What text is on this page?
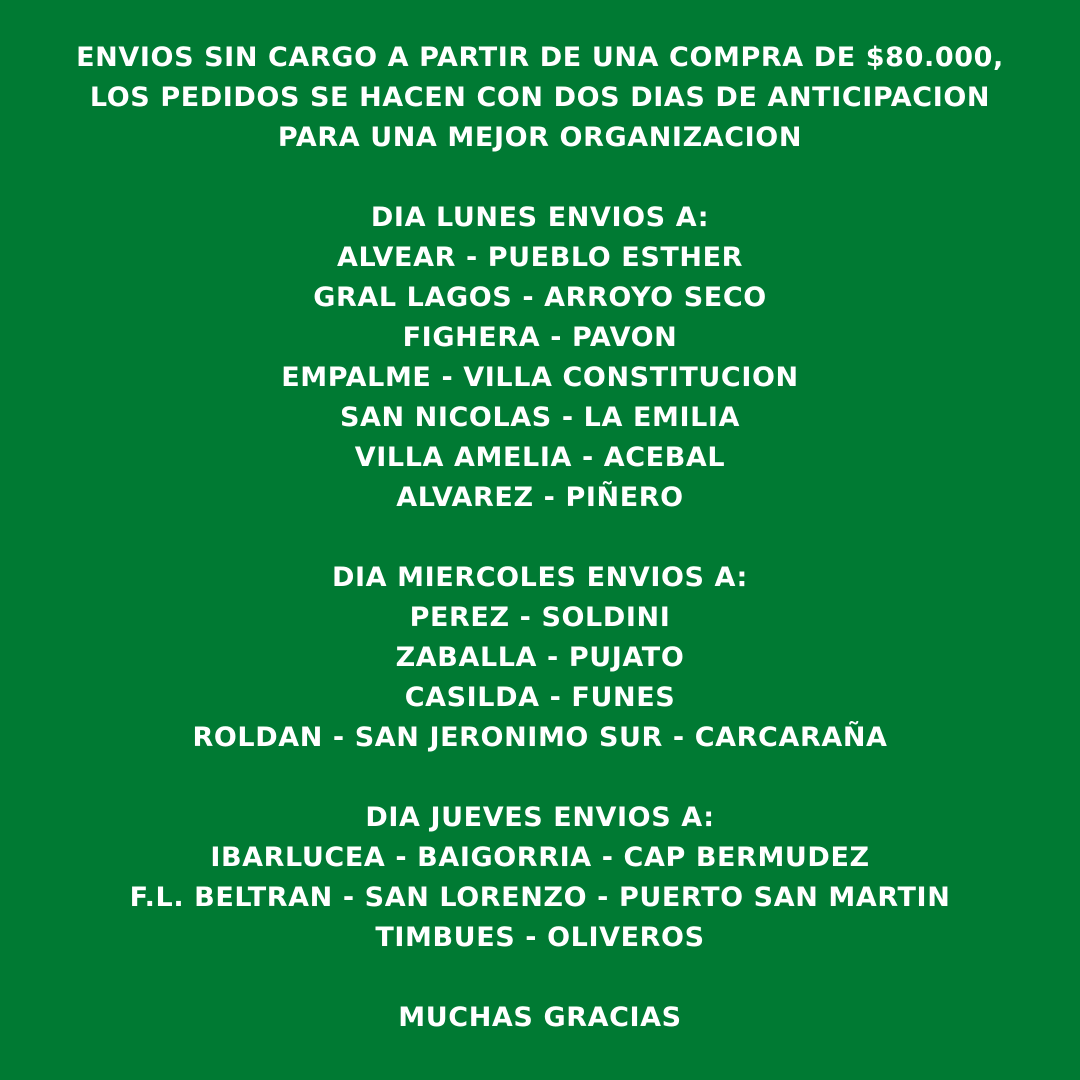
ENVIOS SIN CARGO A PARTIR DE UNA COMPRA DE $80.000,
LOS PEDIDOS SE HACEN CON DOS DIAS DE ANTICIPACION
PARA UNA MEJOR ORGANIZACION
DIA LUNES ENVIOS A:
ALVEAR - PUEBLO ESTHER
GRAL LAGOS - ARROYO SECO
FIGHERA - PAVON
EMPALME - VILLA CONSTITUCION
SAN NICOLAS - LA EMILIA
VILLA AMELIA - ACEBAL
ALVAREZ - PIÑERO
DIA MIERCOLES ENVIOS A:
PEREZ - SOLDINI
ZABALLA - PUJATO
CASILDA - FUNES
ROLDAN - SAN JERONIMO SUR - CARCARAÑA
DIA JUEVES ENVIOS A:
IBARLUCEA - BAIGORRIA - CAP BERMUDEZ
F.L. BELTRAN - SAN LORENZO - PUERTO SAN MARTIN
TIMBUES - OLIVEROS
MUCHAS GRACIAS
